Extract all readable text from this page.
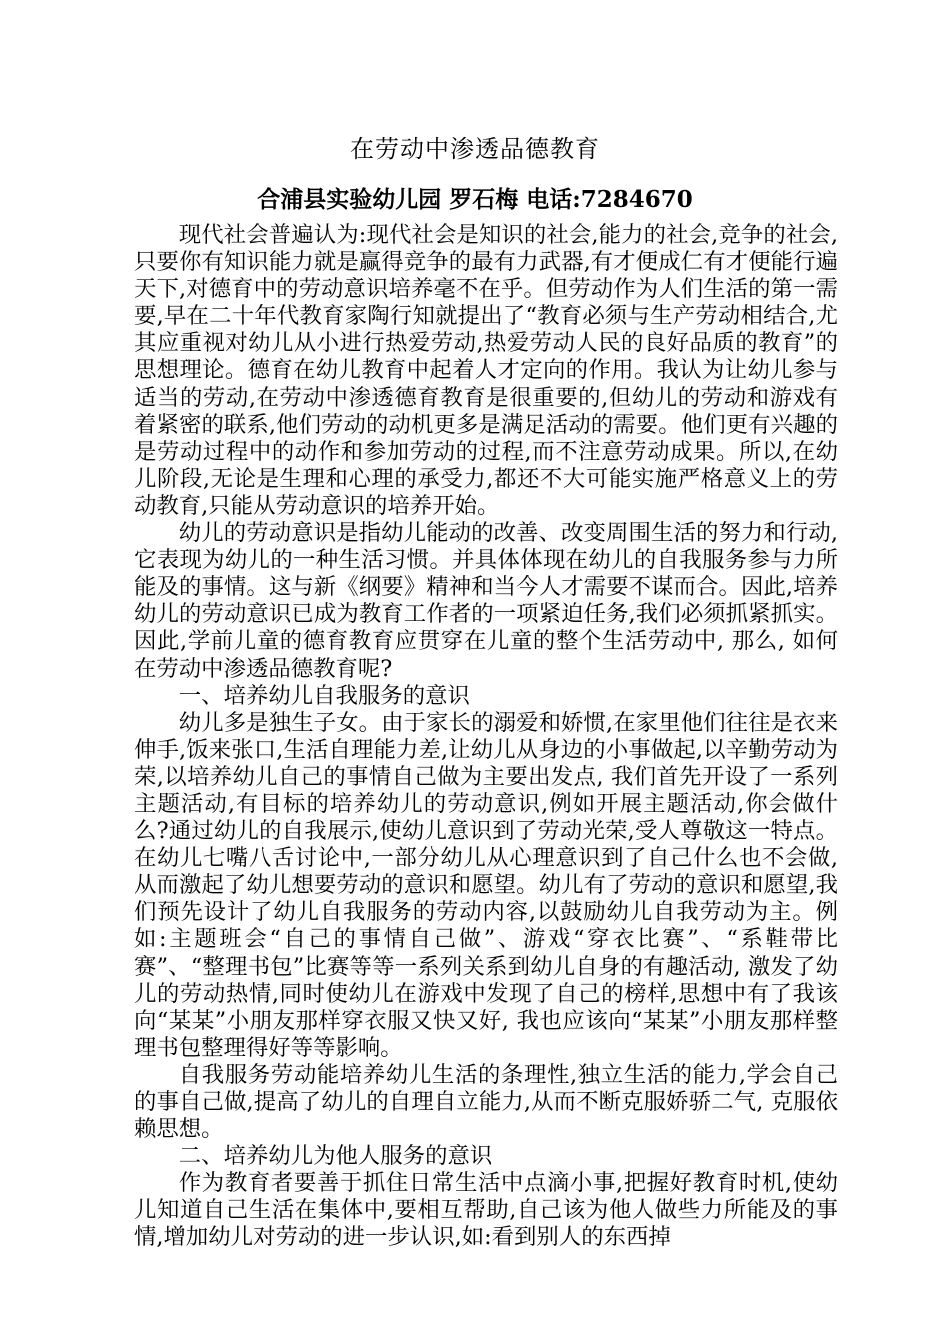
在劳动中渗透品德教育
合浦县实验幼儿园 罗石梅 电话:7284670

现代社会普遍认为:现代社会是知识的社会,能力的社会,竞争的社会,只要你有知识能力就是赢得竞争的最有力武器,有才便成仁有才便能行遍天下,对德育中的劳动意识培养毫不在乎。但劳动作为人们生活的第一需要,早在二十年代教育家陶行知就提出了“教育必须与生产劳动相结合,尤其应重视对幼儿从小进行热爱劳动,热爱劳动人民的良好品质的教育”的思想理论。德育在幼儿教育中起着人才定向的作用。我认为让幼儿参与适当的劳动,在劳动中渗透德育教育是很重要的,但幼儿的劳动和游戏有着紧密的联系,他们劳动的动机更多是满足活动的需要。他们更有兴趣的是劳动过程中的动作和参加劳动的过程,而不注意劳动成果。所以,在幼儿阶段,无论是生理和心理的承受力,都还不大可能实施严格意义上的劳动教育,只能从劳动意识的培养开始。

幼儿的劳动意识是指幼儿能动的改善、改变周围生活的努力和行动,它表现为幼儿的一种生活习惯。并具体体现在幼儿的自我服务参与力所能及的事情。这与新《纲要》精神和当今人才需要不谋而合。因此,培养幼儿的劳动意识已成为教育工作者的一项紧迫任务,我们必须抓紧抓实。 因此,学前儿童的德育教育应贯穿在儿童的整个生活劳动中, 那么, 如何在劳动中渗透品德教育呢?

一、培养幼儿自我服务的意识

幼儿多是独生子女。由于家长的溺爱和娇惯,在家里他们往往是衣来伸手,饭来张口,生活自理能力差,让幼儿从身边的小事做起,以辛勤劳动为荣,以培养幼儿自己的事情自己做为主要出发点, 我们首先开设了一系列主题活动,有目标的培养幼儿的劳动意识,例如开展主题活动,你会做什么?通过幼儿的自我展示,使幼儿意识到了劳动光荣,受人尊敬这一特点。在幼儿七嘴八舌讨论中,一部分幼儿从心理意识到了自己什么也不会做, 从而激起了幼儿想要劳动的意识和愿望。幼儿有了劳动的意识和愿望,我们预先设计了幼儿自我服务的劳动内容,以鼓励幼儿自我劳动为主。例如:主题班会“自己的事情自己做”、游戏“穿衣比赛”、“系鞋带比赛”、“整理书包”比赛等等一系列关系到幼儿自身的有趣活动, 激发了幼儿的劳动热情,同时使幼儿在游戏中发现了自己的榜样,思想中有了我该向“某某”小朋友那样穿衣服又快又好, 我也应该向“某某”小朋友那样整理书包整理得好等等影响。

自我服务劳动能培养幼儿生活的条理性,独立生活的能力,学会自己的事自己做,提高了幼儿的自理自立能力,从而不断克服娇骄二气, 克服依赖思想。

二、培养幼儿为他人服务的意识

作为教育者要善于抓住日常生活中点滴小事,把握好教育时机,使幼儿知道自己生活在集体中,要相互帮助,自己该为他人做些力所能及的事情,增加幼儿对劳动的进一步认识,如:看到别人的东西掉
